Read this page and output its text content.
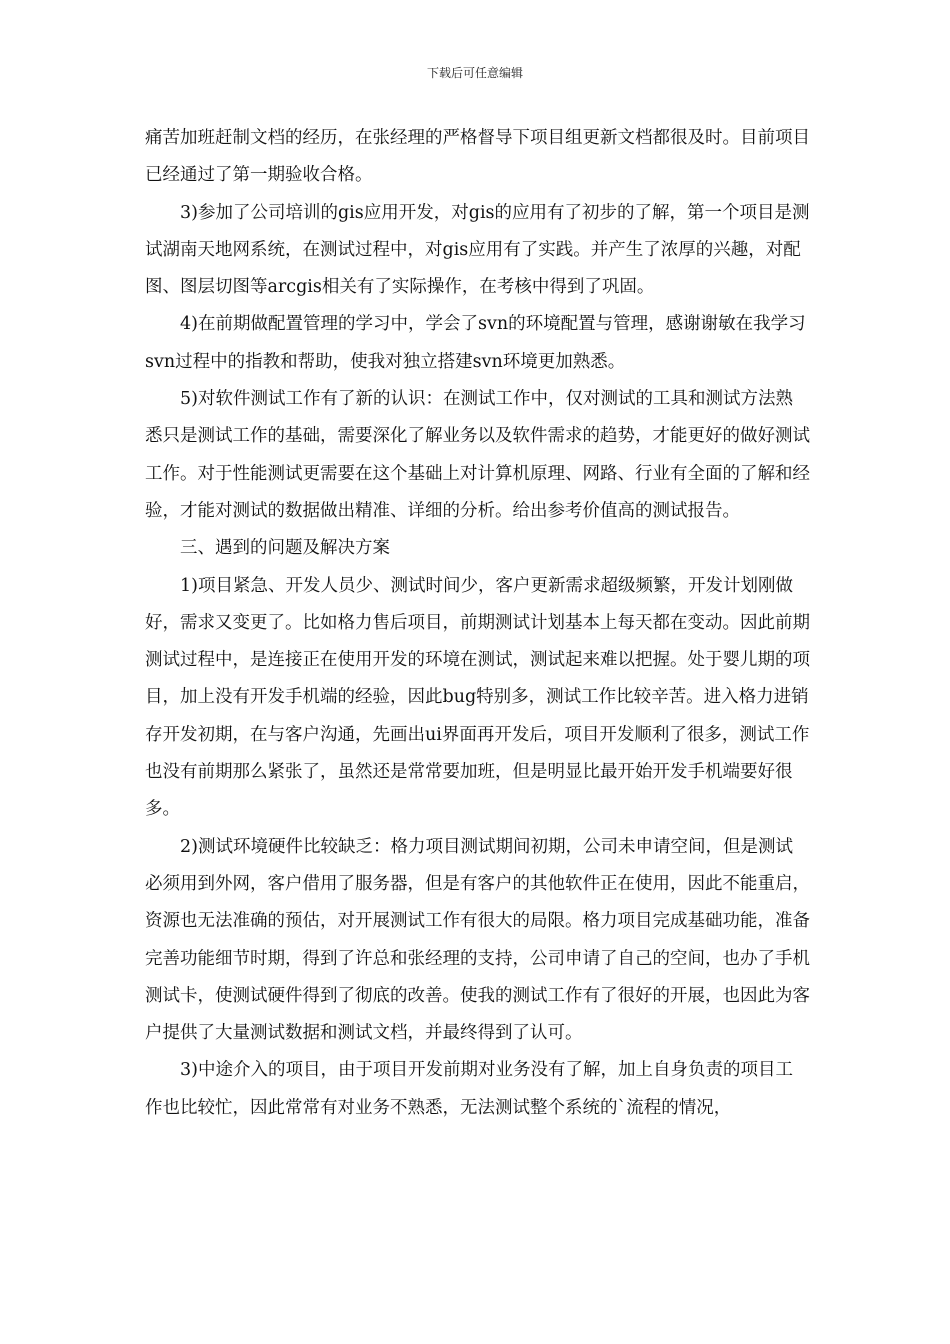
下载后可任意编辑

痛苦加班赶制文档的经历，在张经理的严格督导下项目组更新文档都很及时。目前项目已经通过了第一期验收合格。

3)参加了公司培训的gis应用开发，对gis的应用有了初步的了解，第一个项目是测试湖南天地网系统，在测试过程中，对gis应用有了实践。并产生了浓厚的兴趣，对配图、图层切图等arcgis相关有了实际操作，在考核中得到了巩固。

4)在前期做配置管理的学习中，学会了svn的环境配置与管理，感谢谢敏在我学习svn过程中的指教和帮助，使我对独立搭建svn环境更加熟悉。

5)对软件测试工作有了新的认识：在测试工作中，仅对测试的工具和测试方法熟悉只是测试工作的基础，需要深化了解业务以及软件需求的趋势，才能更好的做好测试工作。对于性能测试更需要在这个基础上对计算机原理、网路、行业有全面的了解和经验，才能对测试的数据做出精准、详细的分析。给出参考价值高的测试报告。

三、遇到的问题及解决方案

1)项目紧急、开发人员少、测试时间少，客户更新需求超级频繁，开发计划刚做好，需求又变更了。比如格力售后项目，前期测试计划基本上每天都在变动。因此前期测试过程中，是连接正在使用开发的环境在测试，测试起来难以把握。处于婴儿期的项目，加上没有开发手机端的经验，因此bug特别多，测试工作比较辛苦。进入格力进销存开发初期，在与客户沟通，先画出ui界面再开发后，项目开发顺利了很多，测试工作也没有前期那么紧张了，虽然还是常常要加班，但是明显比最开始开发手机端要好很多。

2)测试环境硬件比较缺乏：格力项目测试期间初期，公司未申请空间，但是测试必须用到外网，客户借用了服务器，但是有客户的其他软件正在使用，因此不能重启，资源也无法准确的预估，对开展测试工作有很大的局限。格力项目完成基础功能，准备完善功能细节时期，得到了许总和张经理的支持，公司申请了自己的空间，也办了手机测试卡，使测试硬件得到了彻底的改善。使我的测试工作有了很好的开展，也因此为客户提供了大量测试数据和测试文档，并最终得到了认可。

3)中途介入的项目，由于项目开发前期对业务没有了解，加上自身负责的项目工作也比较忙，因此常常有对业务不熟悉，无法测试整个系统的`流程的情况，
